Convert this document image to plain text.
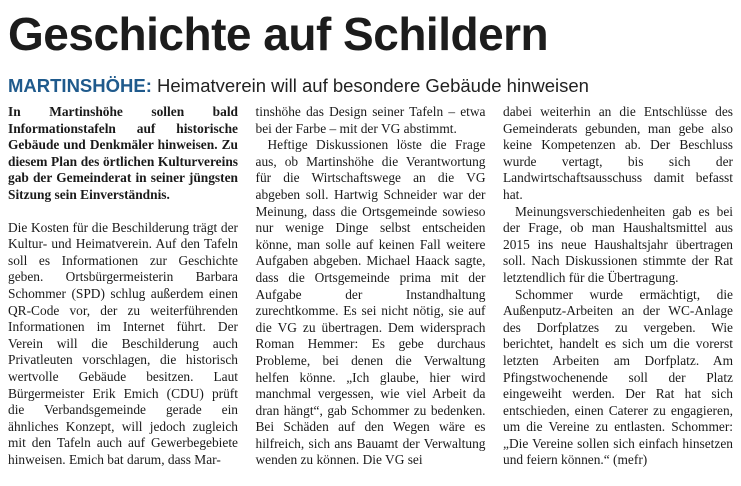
Geschichte auf Schildern
MARTINSHÖHE: Heimatverein will auf besondere Gebäude hinweisen

In Martinshöhe sollen bald Informationstafeln auf historische Gebäude und Denkmäler hinweisen. Zu diesem Plan des örtlichen Kulturvereins gab der Gemeinderat in seiner jüngsten Sitzung sein Einverständnis.

Die Kosten für die Beschilderung trägt der Kultur- und Heimatverein. Auf den Tafeln soll es Informationen zur Geschichte geben. Ortsbürgermeisterin Barbara Schommer (SPD) schlug außerdem einen QR-Code vor, der zu weiterführenden Informationen im Internet führt. Der Verein will die Beschilderung auch Privatleuten vorschlagen, die historisch wertvolle Gebäude besitzen. Laut Bürgermeister Erik Emich (CDU) prüft die Verbandsgemeinde gerade ein ähnliches Konzept, will jedoch zugleich mit den Tafeln auch auf Gewerbegebiete hinweisen. Emich bat darum, dass Mar-

tinshöhe das Design seiner Tafeln – etwa bei der Farbe – mit der VG abstimmt.

Heftige Diskussionen löste die Frage aus, ob Martinshöhe die Verantwortung für die Wirtschaftswege an die VG abgeben soll. Hartwig Schneider war der Meinung, dass die Ortsgemeinde sowieso nur wenige Dinge selbst entscheiden könne, man solle auf keinen Fall weitere Aufgaben abgeben. Michael Haack sagte, dass die Ortsgemeinde prima mit der Aufgabe der Instandhaltung zurechtkomme. Es sei nicht nötig, sie auf die VG zu übertragen. Dem widersprach Roman Hemmer: Es gebe durchaus Probleme, bei denen die Verwaltung helfen könne. „Ich glaube, hier wird manchmal vergessen, wie viel Arbeit da dran hängt“, gab Schommer zu bedenken. Bei Schäden auf den Wegen wäre es hilfreich, sich ans Bauamt der Verwaltung wenden zu können. Die VG sei

dabei weiterhin an die Entschlüsse des Gemeinderats gebunden, man gebe also keine Kompetenzen ab. Der Beschluss wurde vertagt, bis sich der Landwirtschaftsausschuss damit befasst hat.

Meinungsverschiedenheiten gab es bei der Frage, ob man Haushaltsmittel aus 2015 ins neue Haushaltsjahr übertragen soll. Nach Diskussionen stimmte der Rat letztendlich für die Übertragung.

Schommer wurde ermächtigt, die Außenputz-Arbeiten an der WC-Anlage des Dorfplatzes zu vergeben. Wie berichtet, handelt es sich um die vorerst letzten Arbeiten am Dorfplatz. Am Pfingstwochenende soll der Platz eingeweiht werden. Der Rat hat sich entschieden, einen Caterer zu engagieren, um die Vereine zu entlasten. Schommer: „Die Vereine sollen sich einfach hinsetzen und feiern können.“ (mefr)
